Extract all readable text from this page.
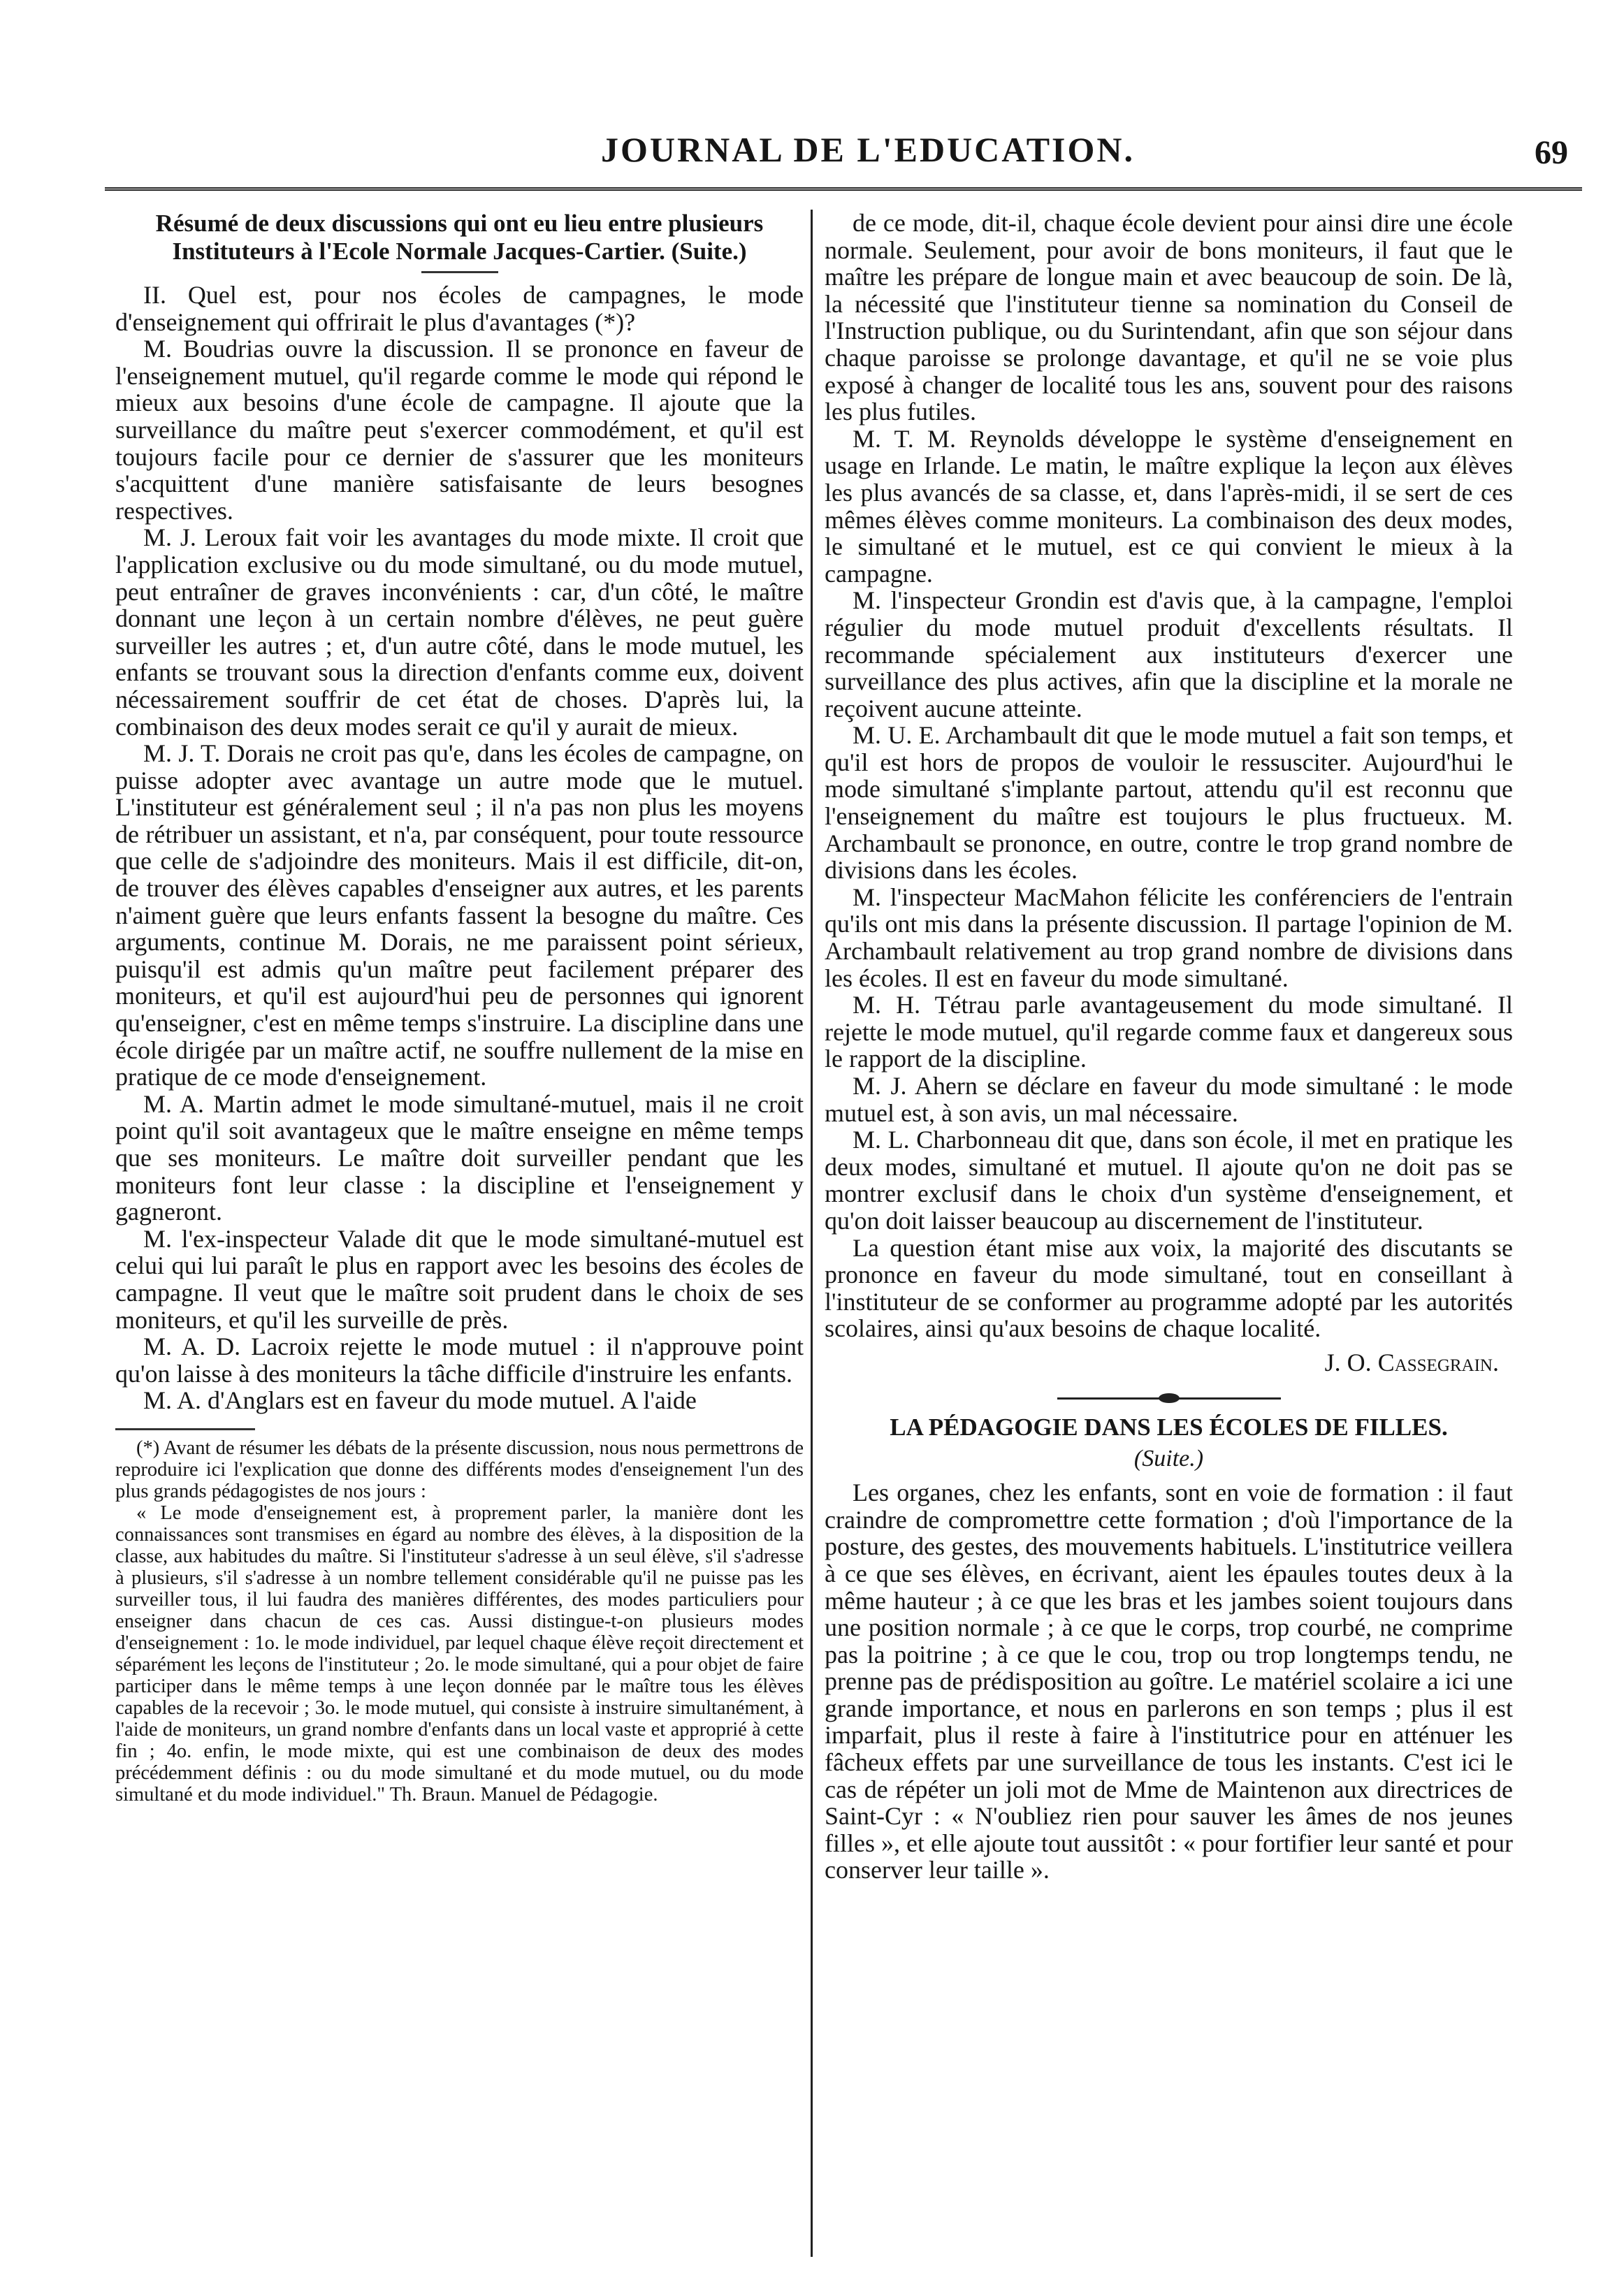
JOURNAL DE L'EDUCATION.	69
Résumé de deux discussions qui ont eu lieu entre plusieurs Instituteurs à l'Ecole Normale Jacques-Cartier. (Suite.)

II. Quel est, pour nos écoles de campagnes, le mode d'enseignement qui offrirait le plus d'avantages (*)?

M. Boudrias ouvre la discussion. Il se prononce en faveur de l'enseignement mutuel, qu'il regarde comme le mode qui répond le mieux aux besoins d'une école de campagne. Il ajoute que la surveillance du maître peut s'exercer commodément, et qu'il est toujours facile pour ce dernier de s'assurer que les moniteurs s'acquittent d'une manière satisfaisante de leurs besognes respectives.

M. J. Leroux fait voir les avantages du mode mixte. Il croit que l'application exclusive ou du mode simultané, ou du mode mutuel, peut entraîner de graves inconvénients : car, d'un côté, le maître donnant une leçon à un certain nombre d'élèves, ne peut guère surveiller les autres ; et, d'un autre côté, dans le mode mutuel, les enfants se trouvant sous la direction d'enfants comme eux, doivent nécessairement souffrir de cet état de choses. D'après lui, la combinaison des deux modes serait ce qu'il y aurait de mieux.

M. J. T. Dorais ne croit pas qu'e, dans les écoles de campagne, on puisse adopter avec avantage un autre mode que le mutuel. L'instituteur est généralement seul ; il n'a pas non plus les moyens de rétribuer un assistant, et n'a, par conséquent, pour toute ressource que celle de s'adjoindre des moniteurs. Mais il est difficile, dit-on, de trouver des élèves capables d'enseigner aux autres, et les parents n'aiment guère que leurs enfants fassent la besogne du maître. Ces arguments, continue M. Dorais, ne me paraissent point sérieux, puisqu'il est admis qu'un maître peut facilement préparer des moniteurs, et qu'il est aujourd'hui peu de personnes qui ignorent qu'enseigner, c'est en même temps s'instruire. La discipline dans une école dirigée par un maître actif, ne souffre nullement de la mise en pratique de ce mode d'enseignement.

M. A. Martin admet le mode simultané-mutuel, mais il ne croit point qu'il soit avantageux que le maître enseigne en même temps que ses moniteurs. Le maître doit surveiller pendant que les moniteurs font leur classe : la discipline et l'enseignement y gagneront.

M. l'ex-inspecteur Valade dit que le mode simultané-mutuel est celui qui lui paraît le plus en rapport avec les besoins des écoles de campagne. Il veut que le maître soit prudent dans le choix de ses moniteurs, et qu'il les surveille de près.

M. A. D. Lacroix rejette le mode mutuel : il n'approuve point qu'on laisse à des moniteurs la tâche difficile d'instruire les enfants.

M. A. d'Anglars est en faveur du mode mutuel. A l'aide

(*) Avant de résumer les débats de la présente discussion, nous nous permettrons de reproduire ici l'explication que donne des différents modes d'enseignement l'un des plus grands pédagogistes de nos jours :

« Le mode d'enseignement est, à proprement parler, la manière dont les connaissances sont transmises en égard au nombre des élèves, à la disposition de la classe, aux habitudes du maître. Si l'instituteur s'adresse à un seul élève, s'il s'adresse à plusieurs, s'il s'adresse à un nombre tellement considérable qu'il ne puisse pas les surveiller tous, il lui faudra des manières différentes, des modes particuliers pour enseigner dans chacun de ces cas. Aussi distingue-t-on plusieurs modes d'enseignement : 1o. le mode individuel, par lequel chaque élève reçoit directement et séparément les leçons de l'instituteur ; 2o. le mode simultané, qui a pour objet de faire participer dans le même temps à une leçon donnée par le maître tous les élèves capables de la recevoir ; 3o. le mode mutuel, qui consiste à instruire simultanément, à l'aide de moniteurs, un grand nombre d'enfants dans un local vaste et approprié à cette fin ; 4o. enfin, le mode mixte, qui est une combinaison de deux des modes précédemment définis : ou du mode simultané et du mode mutuel, ou du mode simultané et du mode individuel." Th. Braun. Manuel de Pédagogie.

de ce mode, dit-il, chaque école devient pour ainsi dire une école normale. Seulement, pour avoir de bons moniteurs, il faut que le maître les prépare de longue main et avec beaucoup de soin. De là, la nécessité que l'instituteur tienne sa nomination du Conseil de l'Instruction publique, ou du Surintendant, afin que son séjour dans chaque paroisse se prolonge davantage, et qu'il ne se voie plus exposé à changer de localité tous les ans, souvent pour des raisons les plus futiles.

M. T. M. Reynolds développe le système d'enseignement en usage en Irlande. Le matin, le maître explique la leçon aux élèves les plus avancés de sa classe, et, dans l'après-midi, il se sert de ces mêmes élèves comme moniteurs. La combinaison des deux modes, le simultané et le mutuel, est ce qui convient le mieux à la campagne.

M. l'inspecteur Grondin est d'avis que, à la campagne, l'emploi régulier du mode mutuel produit d'excellents résultats. Il recommande spécialement aux instituteurs d'exercer une surveillance des plus actives, afin que la discipline et la morale ne reçoivent aucune atteinte.

M. U. E. Archambault dit que le mode mutuel a fait son temps, et qu'il est hors de propos de vouloir le ressusciter. Aujourd'hui le mode simultané s'implante partout, attendu qu'il est reconnu que l'enseignement du maître est toujours le plus fructueux. M. Archambault se prononce, en outre, contre le trop grand nombre de divisions dans les écoles.

M. l'inspecteur MacMahon félicite les conférenciers de l'entrain qu'ils ont mis dans la présente discussion. Il partage l'opinion de M. Archambault relativement au trop grand nombre de divisions dans les écoles. Il est en faveur du mode simultané.

M. H. Tétrau parle avantageusement du mode simultané. Il rejette le mode mutuel, qu'il regarde comme faux et dangereux sous le rapport de la discipline.

M. J. Ahern se déclare en faveur du mode simultané : le mode mutuel est, à son avis, un mal nécessaire.

M. L. Charbonneau dit que, dans son école, il met en pratique les deux modes, simultané et mutuel. Il ajoute qu'on ne doit pas se montrer exclusif dans le choix d'un système d'enseignement, et qu'on doit laisser beaucoup au discernement de l'instituteur.

La question étant mise aux voix, la majorité des discutants se prononce en faveur du mode simultané, tout en conseillant à l'instituteur de se conformer au programme adopté par les autorités scolaires, ainsi qu'aux besoins de chaque localité.

J. O. Cassegrain.
LA PÉDAGOGIE DANS LES ÉCOLES DE FILLES.
(Suite.)

Les organes, chez les enfants, sont en voie de formation : il faut craindre de compromettre cette formation ; d'où l'importance de la posture, des gestes, des mouvements habituels. L'institutrice veillera à ce que ses élèves, en écrivant, aient les épaules toutes deux à la même hauteur ; à ce que les bras et les jambes soient toujours dans une position normale ; à ce que le corps, trop courbé, ne comprime pas la poitrine ; à ce que le cou, trop ou trop longtemps tendu, ne prenne pas de prédisposition au goître. Le matériel scolaire a ici une grande importance, et nous en parlerons en son temps ; plus il est imparfait, plus il reste à faire à l'institutrice pour en atténuer les fâcheux effets par une surveillance de tous les instants. C'est ici le cas de répéter un joli mot de Mme de Maintenon aux directrices de Saint-Cyr : « N'oubliez rien pour sauver les âmes de nos jeunes filles », et elle ajoute tout aussitôt : « pour fortifier leur santé et pour conserver leur taille ».
